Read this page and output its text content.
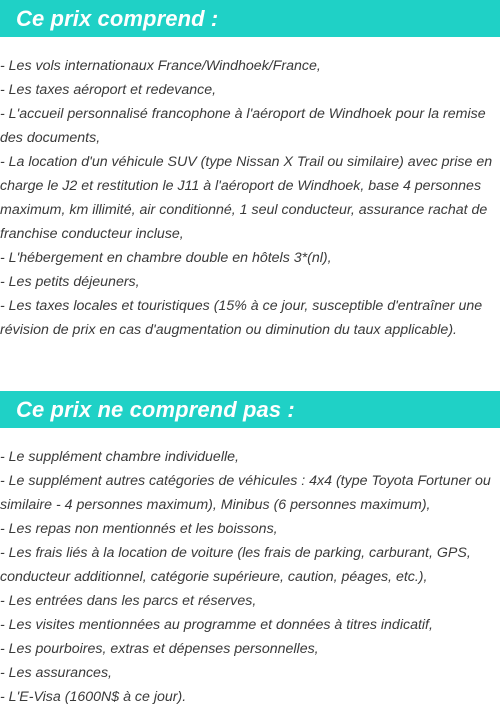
Ce prix comprend :
- Les vols internationaux France/Windhoek/France,
- Les taxes aéroport et redevance,
- L'accueil personnalisé francophone à l'aéroport de Windhoek pour la remise des documents,
- La location d'un véhicule SUV (type Nissan X Trail ou similaire) avec prise en charge le J2 et restitution le J11 à l'aéroport de Windhoek, base 4 personnes maximum, km illimité, air conditionné, 1 seul conducteur, assurance rachat de franchise conducteur incluse,
- L'hébergement en chambre double en hôtels 3*(nl),
- Les petits déjeuners,
- Les taxes locales et touristiques (15% à ce jour, susceptible d'entraîner une révision de prix en cas d'augmentation ou diminution du taux applicable).
Ce prix ne comprend pas :
- Le supplément chambre individuelle,
- Le supplément autres catégories de véhicules : 4x4 (type Toyota Fortuner ou similaire - 4 personnes maximum), Minibus (6 personnes maximum),
- Les repas non mentionnés et les boissons,
- Les frais liés à la location de voiture (les frais de parking, carburant, GPS, conducteur additionnel, catégorie supérieure, caution, péages, etc.),
- Les entrées dans les parcs et réserves,
- Les visites mentionnées au programme et données à titres indicatif,
- Les pourboires, extras et dépenses personnelles,
- Les assurances,
- L'E-Visa (1600N$ à ce jour).
